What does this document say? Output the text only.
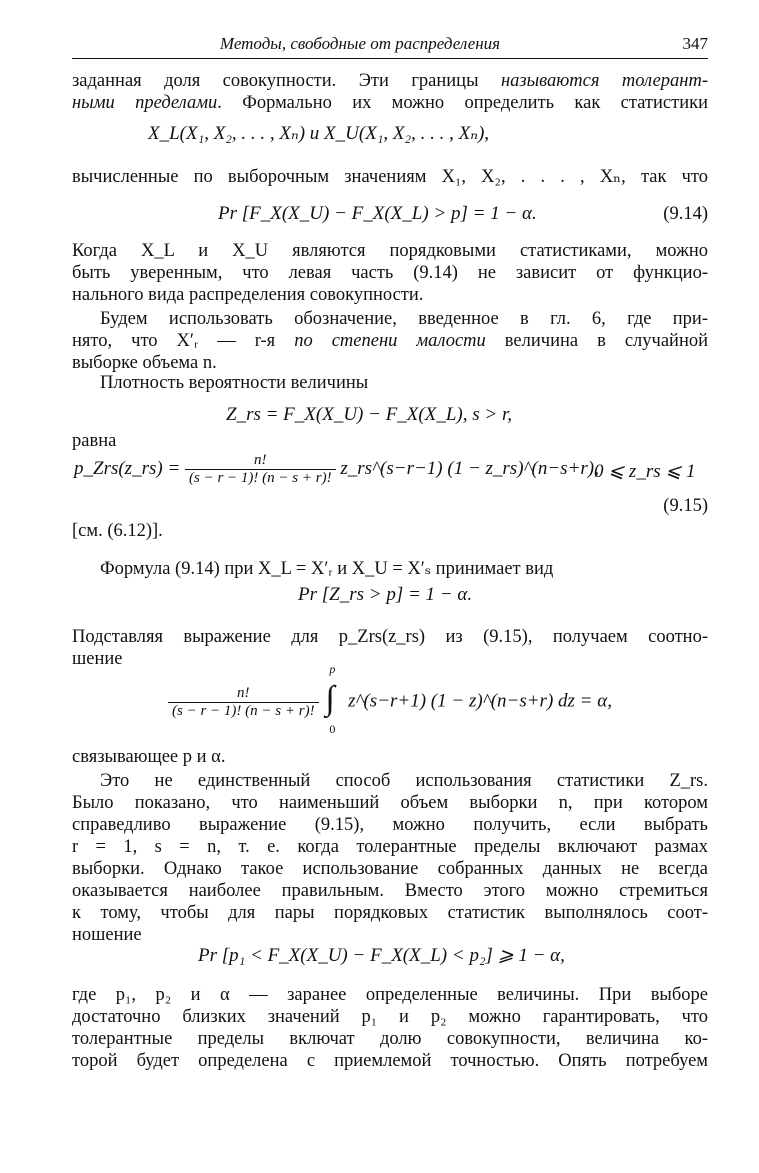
Методы, свободные от распределения	347
заданная доля совокупности. Эти границы называются толерант-
ными пределами. Формально их можно определить как статистики
X_L(X₁, X₂, . . . , Xₙ) и X_U(X₁, X₂, . . . , Xₙ),
вычисленные по выборочным значениям X₁, X₂, . . . , Xₙ, так что
Pr [F_X(X_U) − F_X(X_L) > p] = 1 − α.	(9.14)
Когда X_L и X_U являются порядковыми статистиками, можно
быть уверенным, что левая часть (9.14) не зависит от функцио-
нального вида распределения совокупности.
Будем использовать обозначение, введенное в гл. 6, где при-
нято, что X′ᵣ — r-я по степени малости величина в случайной
выборке объема n.
Плотность вероятности величины
Z_rs = F_X(X_U) − F_X(X_L), s > r,
равна
p_Zrs(z_rs) = $\frac{n!}{(s - r - 1)! (n - s + r)!}$ z_rs^(s−r−1) (1 − z_rs)^(n−s+r),
0 ⩽ z_rs ⩽ 1
(9.15)
[см. (6.12)].
Формула (9.14) при X_L = X′ᵣ и X_U = X′ₛ принимает вид
Pr [Z_rs > p] = 1 − α.
Подставляя выражение для p_Zrs(z_rs) из (9.15), получаем соотно-
шение
$\frac{n!}{(s - r - 1)! (n - s + r)!}$

p
∫
0
z^(s−r+1) (1 − z)^(n−s+r) dz = α,
связывающее p и α.
Это не единственный способ использования статистики Z_rs.
Было показано, что наименьший объем выборки n, при котором
справедливо выражение (9.15), можно получить, если выбрать
r = 1, s = n, т. е. когда толерантные пределы включают размах
выборки. Однако такое использование собранных данных не всегда
оказывается наиболее правильным. Вместо этого можно стремиться
к тому, чтобы для пары порядковых статистик выполнялось соот-
ношение
Pr [p₁ < F_X(X_U) − F_X(X_L) < p₂] ⩾ 1 − α,
где p₁, p₂ и α — заранее определенные величины. При выборе
достаточно близких значений p₁ и p₂ можно гарантировать, что
толерантные пределы включат долю совокупности, величина ко-
торой будет определена с приемлемой точностью. Опять потребуем
